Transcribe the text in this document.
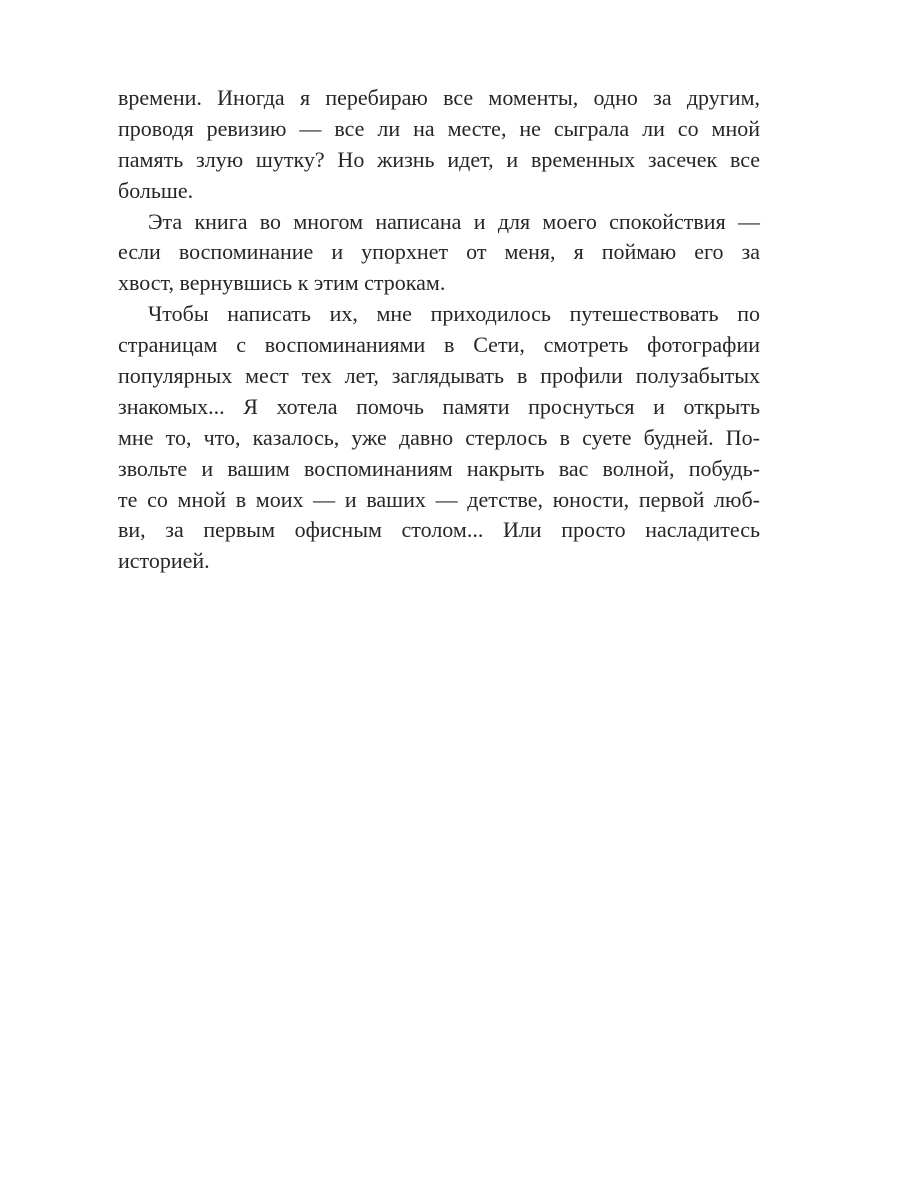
времени. Иногда я перебираю все моменты, одно за другим,
проводя ревизию — все ли на месте, не сыграла ли со мной
память злую шутку? Но жизнь идет, и временных засечек все
больше.
Эта книга во многом написана и для моего спокойствия —
если воспоминание и упорхнет от меня, я поймаю его за
хвост, вернувшись к этим строкам.
Чтобы написать их, мне приходилось путешествовать по
страницам с воспоминаниями в Сети, смотреть фотографии
популярных мест тех лет, заглядывать в профили полузабытых
знакомых... Я хотела помочь памяти проснуться и открыть
мне то, что, казалось, уже давно стерлось в суете будней. По-
звольте и вашим воспоминаниям накрыть вас волной, побудь-
те со мной в моих — и ваших — детстве, юности, первой люб-
ви, за первым офисным столом... Или просто насладитесь
историей.
